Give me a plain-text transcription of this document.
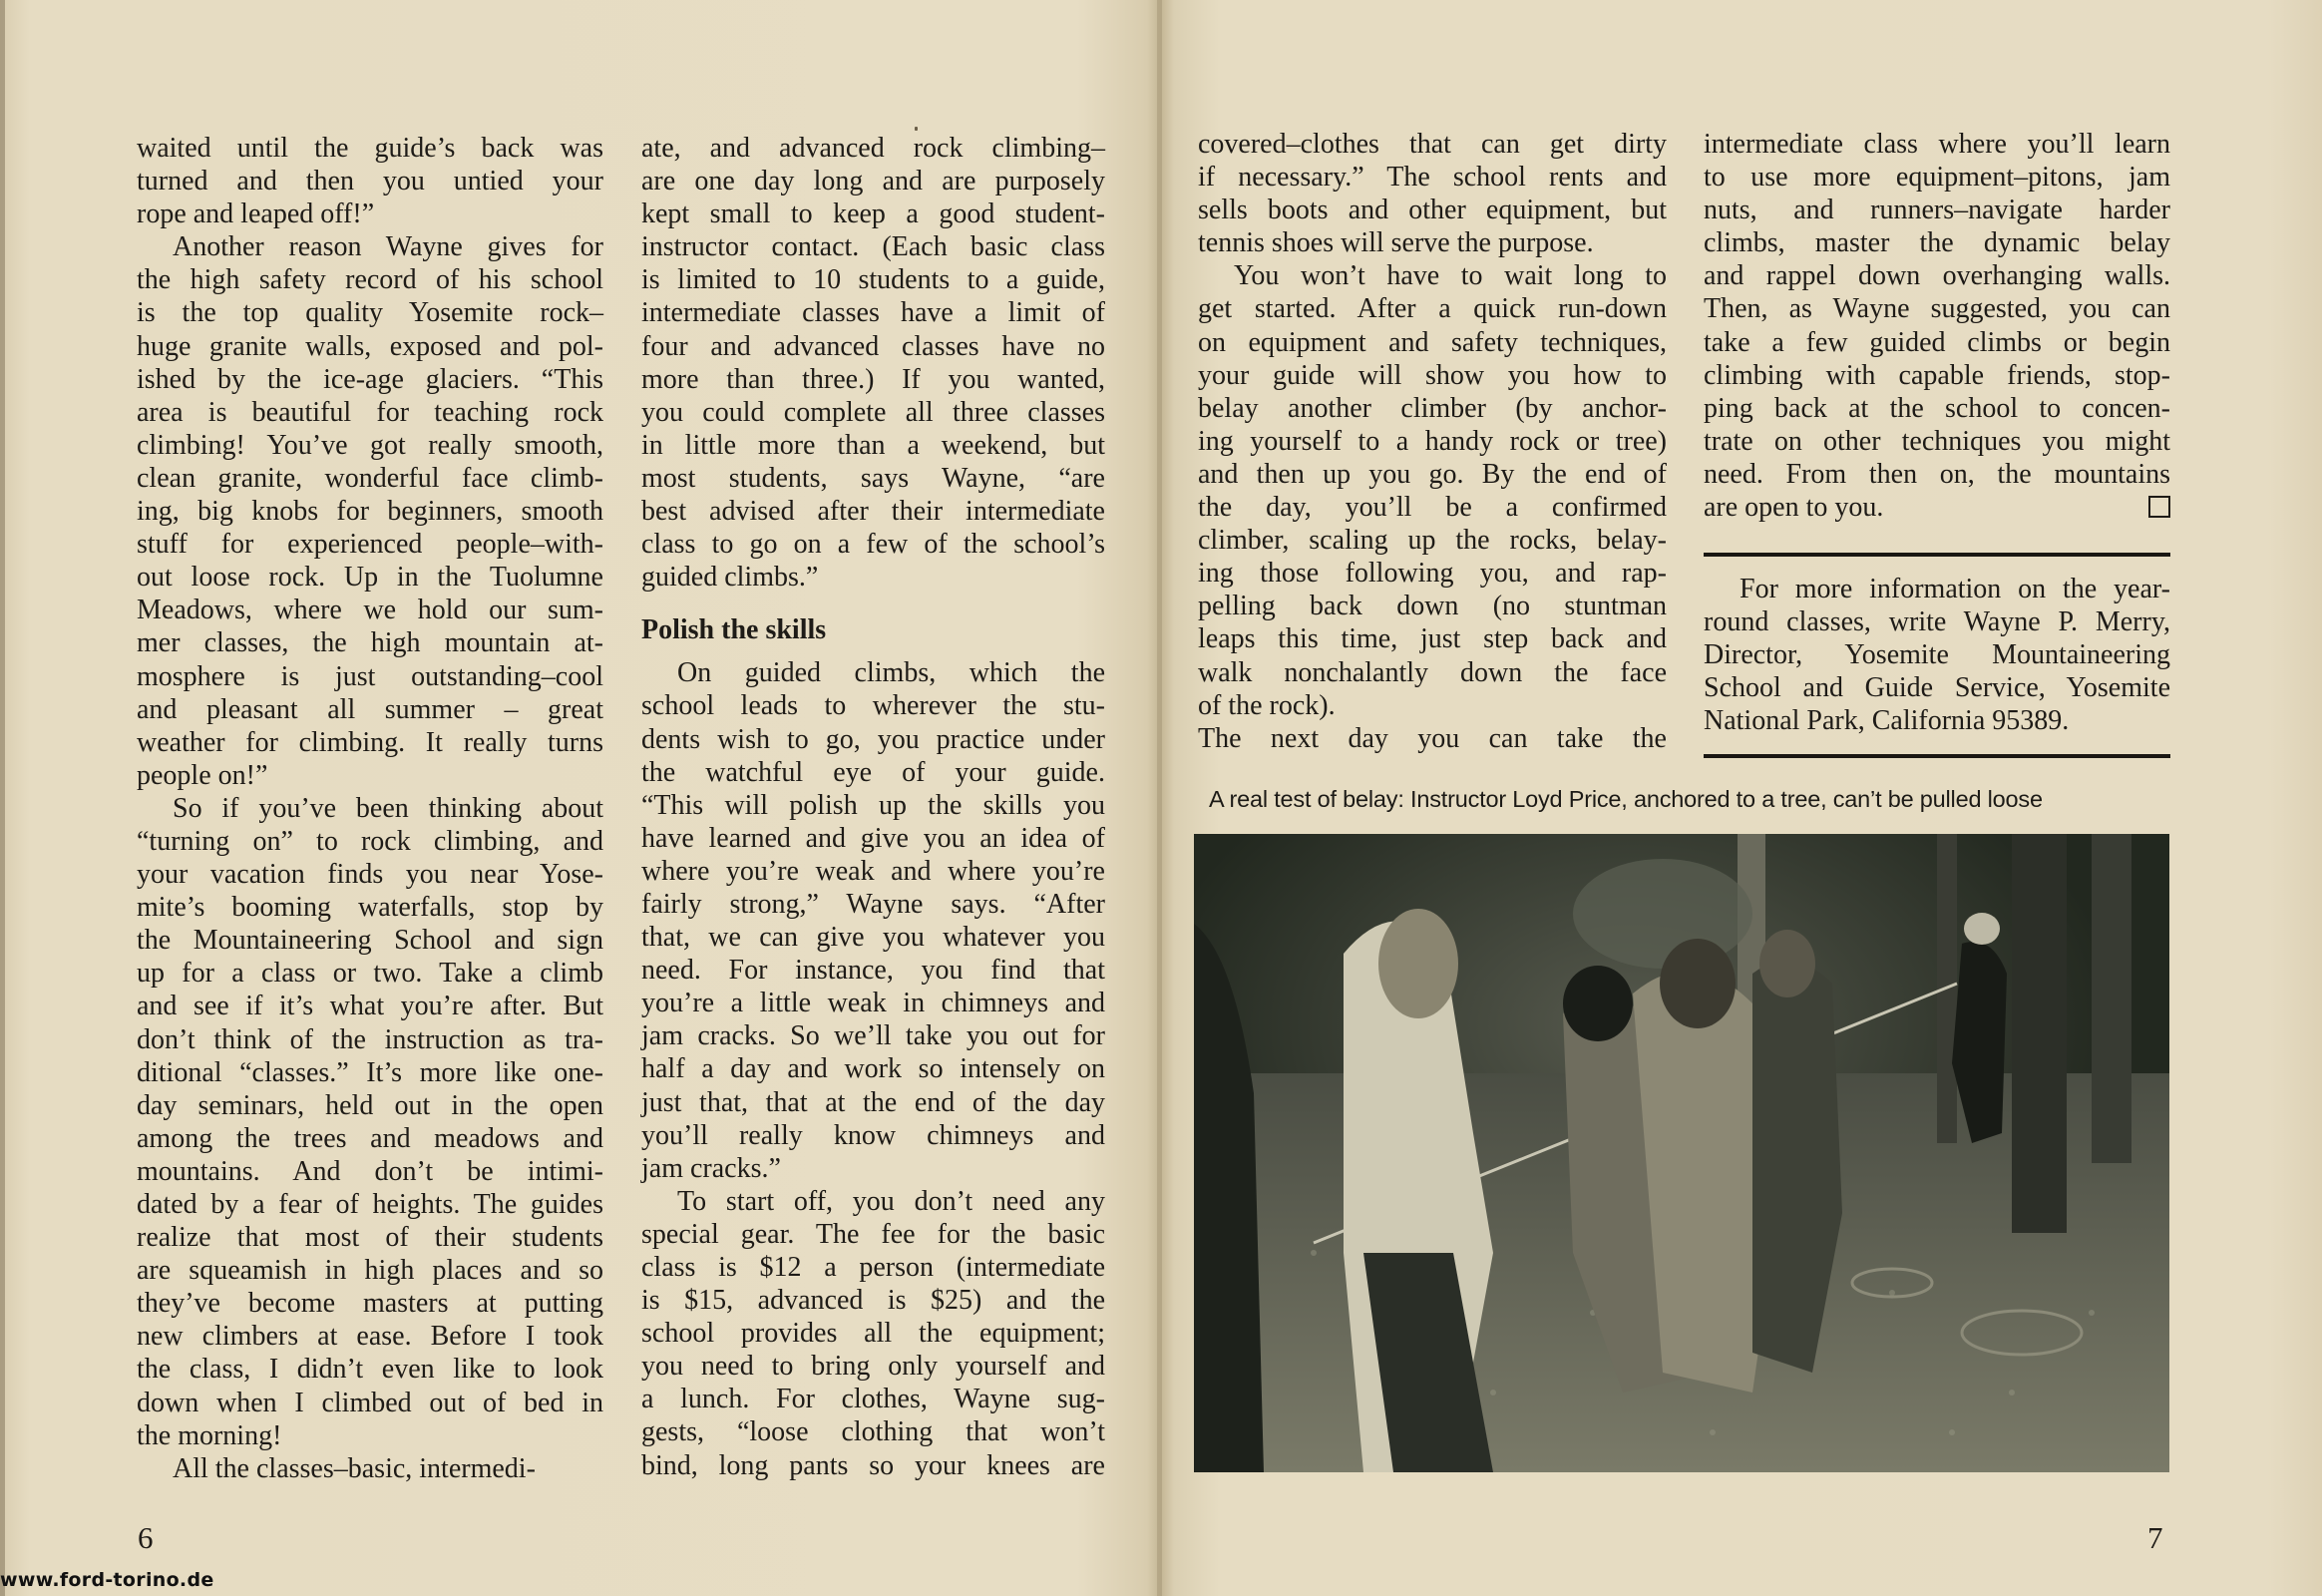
waited until the guide’s back was
turned and then you untied your
rope and leaped off!”
Another reason Wayne gives for
the high safety record of his school
is the top quality Yosemite rock–
huge granite walls, exposed and pol-
ished by the ice-age glaciers. “This
area is beautiful for teaching rock
climbing! You’ve got really smooth,
clean granite, wonderful face climb-
ing, big knobs for beginners, smooth
stuff for experienced people–with-
out loose rock. Up in the Tuolumne
Meadows, where we hold our sum-
mer classes, the high mountain at-
mosphere is just outstanding–cool
and pleasant all summer – great
weather for climbing. It really turns
people on!”
So if you’ve been thinking about
“turning on” to rock climbing, and
your vacation finds you near Yose-
mite’s booming waterfalls, stop by
the Mountaineering School and sign
up for a class or two. Take a climb
and see if it’s what you’re after. But
don’t think of the instruction as tra-
ditional “classes.” It’s more like one-
day seminars, held out in the open
among the trees and meadows and
mountains. And don’t be intimi-
dated by a fear of heights. The guides
realize that most of their students
are squeamish in high places and so
they’ve become masters at putting
new climbers at ease. Before I took
the class, I didn’t even like to look
down when I climbed out of bed in
the morning!
All the classes–basic, intermedi-
ate, and advanced rock climbing–
are one day long and are purposely
kept small to keep a good student-
instructor contact. (Each basic class
is limited to 10 students to a guide,
intermediate classes have a limit of
four and advanced classes have no
more than three.) If you wanted,
you could complete all three classes
in little more than a weekend, but
most students, says Wayne, “are
best advised after their intermediate
class to go on a few of the school’s
guided climbs.”
Polish the skills
On guided climbs, which the
school leads to wherever the stu-
dents wish to go, you practice under
the watchful eye of your guide.
“This will polish up the skills you
have learned and give you an idea of
where you’re weak and where you’re
fairly strong,” Wayne says. “After
that, we can give you whatever you
need. For instance, you find that
you’re a little weak in chimneys and
jam cracks. So we’ll take you out for
half a day and work so intensely on
just that, that at the end of the day
you’ll really know chimneys and
jam cracks.”
To start off, you don’t need any
special gear. The fee for the basic
class is $12 a person (intermediate
is $15, advanced is $25) and the
school provides all the equipment;
you need to bring only yourself and
a lunch. For clothes, Wayne sug-
gests, “loose clothing that won’t
bind, long pants so your knees are
covered–clothes that can get dirty
if necessary.” The school rents and
sells boots and other equipment, but
tennis shoes will serve the purpose.
You won’t have to wait long to
get started. After a quick run-down
on equipment and safety techniques,
your guide will show you how to
belay another climber (by anchor-
ing yourself to a handy rock or tree)
and then up you go. By the end of
the day, you’ll be a confirmed
climber, scaling up the rocks, belay-
ing those following you, and rap-
pelling back down (no stuntman
leaps this time, just step back and
walk nonchalantly down the face
of the rock).
The next day you can take the
intermediate class where you’ll learn
to use more equipment–pitons, jam
nuts, and runners–navigate harder
climbs, master the dynamic belay
and rappel down overhanging walls.
Then, as Wayne suggested, you can
take a few guided climbs or begin
climbing with capable friends, stop-
ping back at the school to concen-
trate on other techniques you might
need. From then on, the mountains
are open to you.
For more information on the year-
round classes, write Wayne P. Merry,
Director, Yosemite Mountaineering
School and Guide Service, Yosemite
National Park, California 95389.
A real test of belay: Instructor Loyd Price, anchored to a tree, can’t be pulled loose
6	7
www.ford-torino.de
